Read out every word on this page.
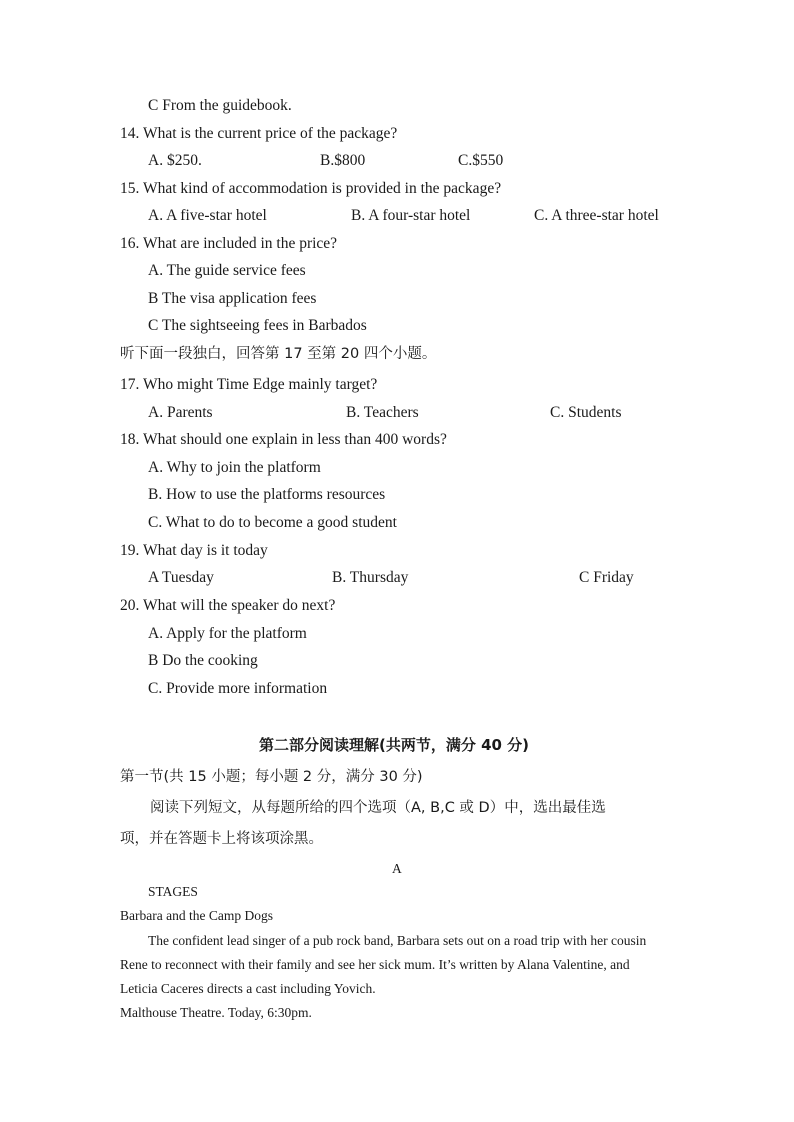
C From the guidebook.
14. What is the current price of the package?
A. $250.	B.$800	C.$550
15. What kind of accommodation is provided in the package?
A. A five-star hotel	B. A four-star hotel	C. A three-star hotel
16. What are included in the price?
A. The guide service fees
B The visa application fees
C The sightseeing fees in Barbados
听下面一段独白，回答第 17 至第 20 四个小题。
17. Who might Time Edge mainly target?
A. Parents	B. Teachers	C. Students
18. What should one explain in less than 400 words?
A. Why to join the platform
B. How to use the platforms resources
C. What to do to become a good student
19. What day is it today
A Tuesday	B. Thursday	C Friday
20. What will the speaker do next?
A. Apply for the platform
B Do the cooking
C. Provide more information
第二部分阅读理解(共两节，满分 40 分)
第一节(共 15 小题；每小题 2 分，满分 30 分)
阅读下列短文，从每题所给的四个选项（A, B,C 或 D）中，选出最佳选
项，并在答题卡上将该项涂黑。
A
STAGES
Barbara and the Camp Dogs
The confident lead singer of a pub rock band, Barbara sets out on a road trip with her cousin
Rene to reconnect with their family and see her sick mum. It’s written by Alana Valentine, and
Leticia Caceres directs a cast including Yovich.
Malthouse Theatre. Today, 6:30pm.
